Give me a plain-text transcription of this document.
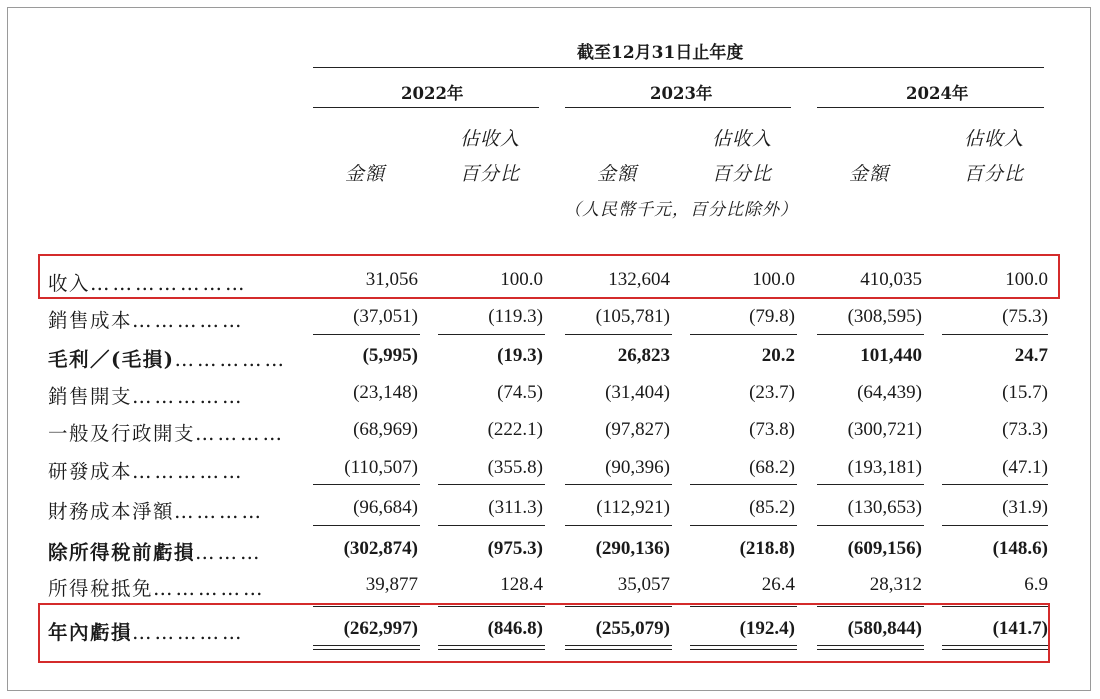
截至12月31日止年度
2022年	2023年	2024年
佔收入	佔收入	佔收入
金額	百分比	金額	百分比	金額	百分比
（人民幣千元，百分比除外）
收入…………………	31,056	100.0	132,604	100.0	410,035	100.0
銷售成本……………	(37,051)	(119.3)	(105,781)	(79.8)	(308,595)	(75.3)
毛利／(毛損)……………	(5,995)	(19.3)	26,823	20.2	101,440	24.7
銷售開支……………	(23,148)	(74.5)	(31,404)	(23.7)	(64,439)	(15.7)
一般及行政開支…………	(68,969)	(222.1)	(97,827)	(73.8)	(300,721)	(73.3)
研發成本……………	(110,507)	(355.8)	(90,396)	(68.2)	(193,181)	(47.1)
財務成本淨額…………	(96,684)	(311.3)	(112,921)	(85.2)	(130,653)	(31.9)
除所得稅前虧損………	(302,874)	(975.3)	(290,136)	(218.8)	(609,156)	(148.6)
所得稅抵免……………	39,877	128.4	35,057	26.4	28,312	6.9
年內虧損……………	(262,997)	(846.8)	(255,079)	(192.4)	(580,844)	(141.7)
